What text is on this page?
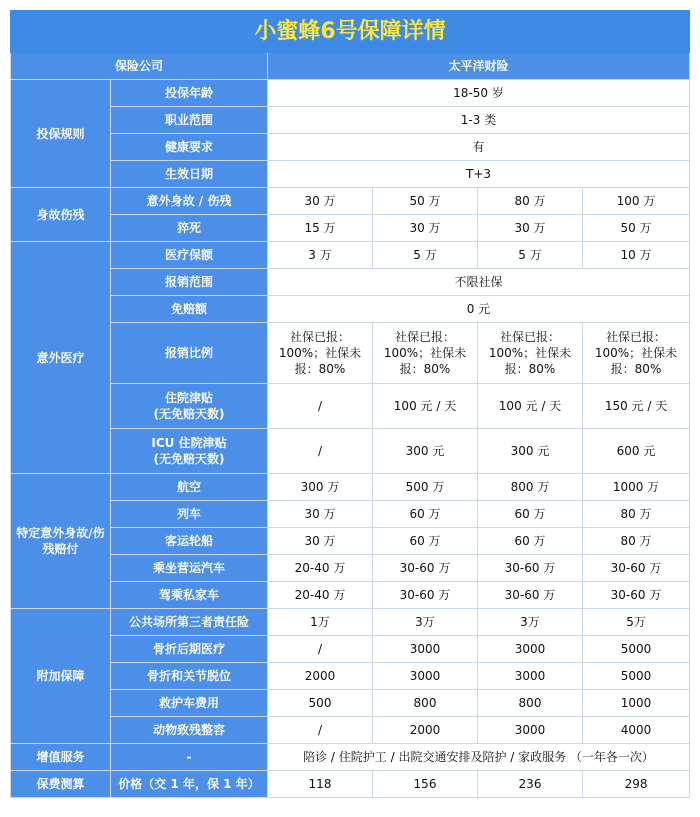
小蜜蜂6号保障详情					
保险公司		太平洋财险			
投保规则	投保年龄	18-50 岁			
	职业范围	1-3 类			
	健康要求	有			
	生效日期	T+3			
身故伤残	意外身故 / 伤残	30 万	50 万	80 万	100 万
	猝死	15 万	30 万	30 万	50 万
意外医疗	医疗保额	3 万	5 万	5 万	10 万
	报销范围	不限社保			
	免赔额	0 元			
	报销比例	社保已报：100%；社保未报：80%	社保已报：100%；社保未报：80%	社保已报：100%；社保未报：80%	社保已报：100%；社保未报：80%

	住院津贴
(无免赔天数)	/	100 元 / 天	100 元 / 天	150 元 / 天

	ICU 住院津贴
(无免赔天数)	/	300 元	300 元	600 元
特定意外身故/伤残赔付	航空	300 万	500 万	800 万	1000 万
	列车	30 万	60 万	60 万	80 万
	客运轮船	30 万	60 万	60 万	80 万
	乘坐营运汽车	20-40 万	30-60 万	30-60 万	30-60 万
	驾乘私家车	20-40 万	30-60 万	30-60 万	30-60 万
附加保障	公共场所第三者责任险	1万	3万	3万	5万
	骨折后期医疗	/	3000	3000	5000
	骨折和关节脱位	2000	3000	3000	5000
	救护车费用	500	800	800	1000
	动物致残整容	/	2000	3000	4000
增值服务	-	陪诊 / 住院护工 / 出院交通安排及陪护 / 家政服务 （一年各一次）			
保费测算	价格（交 1 年，保 1 年）	118	156	236	298
